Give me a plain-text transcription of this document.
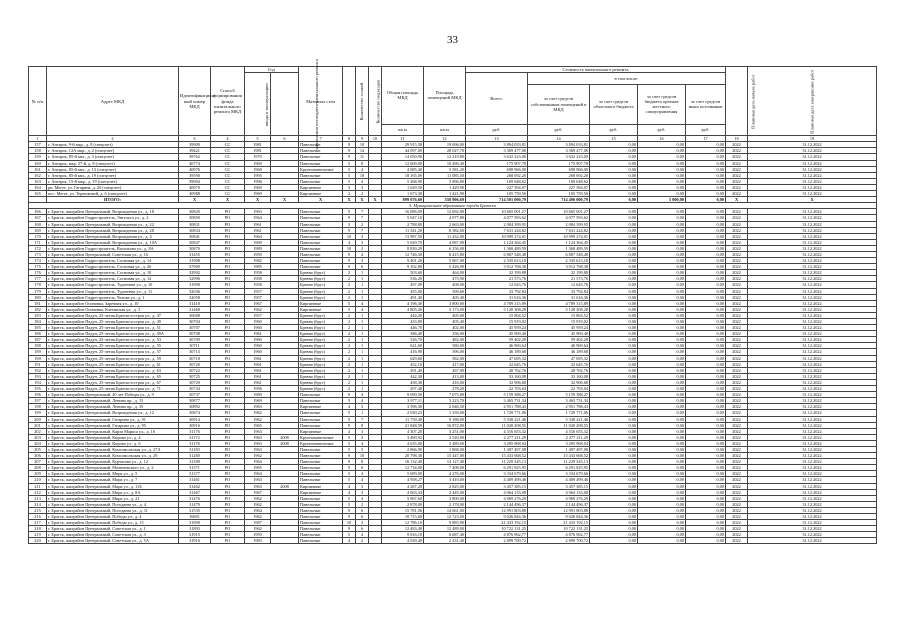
33
№ п/п	Адрес МКД	Идентификацион-ный номер МКД	Способ формирования фонда капитального ремонта МКД	Год		Материал стен	Количество этажей	Количество подъездов		Общая площадь МКД	Площадь помещений МКД	Стоимость капитального ремонта					Плановая дата начала работ	Плановая дата завершения работ
				ввода в эксплуатацию	завершения последнего капитального ремонта							Всего:	в том числе:					
													за счет средств собственников помещений в МКД	за счет средств областного бюджета	за счет средств бюджета органов местного самоуправления	за счет средств иных источников		
										кв.м	кв.м	руб.	руб.	руб.	руб.	руб.		
1	2	3	4	5	6	7	8	9	10	11	12	13	14	15	16	17	18	19
157	г. Ангарск, 9-й мкр., д. 8 (спецсчет)	39909	СС	1981		Панельные	9	10		29 915,30	19 696,00	3 894 033,81	3 894 033,81	0,00	0,00	0,00	2022	31.12.2022
158	г. Ангарск, 12А мкр., д. 2 (спецсчет)	39421	СС	1981		Панельные	9	14		44 097,00	28 027,70	3 369 477,06	3 369 477,06	0,00	0,00	0,00	2022	31.12.2022
159	г. Ангарск, 85-й квл., д. 3 (спецсчет)	39762	СС	1970		Панельные	9	11		14 050,90	12 219,80	3 632 223,00	3 632 223,00	0,00	0,00	0,00	2022	31.12.2022
160	г. Ангарск, мкр. 27-й, д. 8 (спецсчет)	40774	СС	1969		Панельные	5	8		12 609,00	10 490,40	175 907,78	175 907,78	0,00	0,00	0,00	2022	31.12.2022
161	г. Ангарск, 85-й квл., д. 13 (спецсчет)	40976	СС	1968		Крупнопанельные	5	4		4 085,40	3 581,20	698 966,00	698 966,00	0,00	0,00	0,00	2022	31.12.2022
162	г. Ангарск, 85-й квл., д. 19 (спецсчет)	39590	СС	1995		Панельные	5	18		18 165,09	11 085,50	268 692,20	268 692,20	0,00	0,00	0,00	2022	31.12.2022
163	г. Ангарск, 15-й мкр., д. 19 (спецсчет)	39904	СС	1996		Панельные	5	4		5 268,90	3 896,80	169 648,62	169 648,62	0,00	0,00	0,00	2022	31.12.2022
164	рп. Мегет, ул. Гагарина, д. 20 (спецсчет)	40970	СС	1969		Кирпичные	3	3		1 629,50	1 429,90	227 394,07	227 394,07	0,00	0,00	0,00	2022	31.12.2022
165	пос. Мегет, ул. Терешковой, д. 6 (спецсчет)	40988	СС	1969		Кирпичные	2	2		1 673,30	1 421,90	105 759,56	105 759,56	0,00	0,00	0,00	2022	31.12.2022
	ИТОГО:	X	X	X	X	X	X	X	X	899 076,60	558 906,69	714 501 000,79	714 496 000,79	0,00	5 000,00	0,00	X	X
5. Муниципальное образование города Братска																		
166	г. Братск, жилрайон Центральный, Возрождения ул., д. 18	30820	РО	1963		Панельные	9	7		16 086,09	12 692,00	10 665 001,27	10 665 001,27	0,00	0,00	0,00	2022	31.12.2022
167	г. Братск, жилрайон Гидростроитель, Энгельса ул., д. 2	30850	РО	1964		Панельные	9	7		5 047,10	4 077,80	4 077 593,62	4 077 593,62	0,00	0,00	0,00	2022	31.12.2022
168	г. Братск, жилрайон Центральный, Возрождения ул., д. 22	30831	РО	1961		Панельные	3	2		2 788,80	2 663,00	2 084 399,95	2 084 399,95	0,00	0,00	0,00	2022	31.12.2022
169	г. Братск, жилрайон Центральный, Возрождения ул., д. 28	30834	РО	1961		Панельные	9	7		11 541,20	8 382,00	7 631 224,82	7 631 224,82	0,00	0,00	0,00	2022	31.12.2022
170	г. Братск, жилрайон Центральный, Возрождения ул., д. 4	30841	РО	1964		Панельные	10	3		13 987,50	11 432,00	10 999 274,01	10 999 274,01	0,00	0,00	0,00	2022	31.12.2022
171	г. Братск, жилрайон Центральный, Возрождения ул., д. 10А	30847	РО	1969		Панельные	4	3		5 029,70	4 087,00	1 124 364,45	1 124 364,45	0,00	0,00	0,00	2022	31.12.2022
172	г. Братск, жилрайон Гидростроитель, Васильева ул., д. 8А	30870	РО	1989		Панельные	10	2		8 839,29	6 256,00	1 368 489,59	1 368 489,59	0,00	0,00	0,00	2022	31.12.2022
173	г. Братск, жилрайон Центральный, Советская ул., д. 16	31455	РО	1959		Панельные	9	4		12 746,30	8 415,80	6 887 548,48	6 887 548,48	0,00	0,00	0,00	2022	31.12.2022
174	г. Братск, жилрайон Гидростроитель, Сосновая ул., д. 14	31908	РО	1982		Панельные	9	3		9 401,20	5 867,00	2 335 613,18	2 335 613,18	0,00	0,00	0,00	2022	31.12.2022
175	г. Братск, жилрайон Гидростроитель, Сосновая ул., д. 26	37900	РО	1985		Панельные	9	6		9 102,80	5 426,90	3 012 768,38	3 012 768,38	0,00	0,00	0,00	2022	31.12.2022
176	г. Братск, жилрайон Гидростроитель, Сосновая ул., д. 10	32992	РО	1958		Бревна (брус)	2	1		503,60	464,00	32 199,88	32 199,88	0,00	0,00	0,00	2022	31.12.2022
177	г. Братск, жилрайон Гидростроитель, Сосновая ул., д. 12	32996	РО	1958		Бревна (брус)	2	1		536,20	475,90	21 573,76	21 573,76	0,00	0,00	0,00	2022	31.12.2022
178	г. Братск, жилрайон Гидростроитель, Тургенева ул., д. 10	31990	РО	1958		Бревна (брус)	2	1		497,00	408,00	12 643,76	12 643,76	0,00	0,00	0,00	2022	31.12.2022
179	г. Братск, жилрайон Гидростроитель, Тургенева ул., д. 11	32036	РО	1957		Бревна (брус)	2	1		455,00	399,60	33 792,84	33 792,84	0,00	0,00	0,00	2022	31.12.2022
180	г. Братск, жилрайон Гидростроитель, Чехова ул., д. 1	32058	РО	1957		Бревна (брус)	2	1		491,40	405,40	31 616,36	31 616,36	0,00	0,00	0,00	2022	31.12.2022
181	г. Братск, жилрайон Осиновка, Заречная ул., д. 10	31418	РО	1967		Кирпичные	5	4		4 196,30	3 800,00	4 789 315,89	4 789 315,89	0,00	0,00	0,00	2022	31.12.2022
182	г. Братск, жилрайон Осиновка, Клеммская ул., д. 3	31468	РО	1962		Кирпичные	5	4		4 805,26	3 173,00	5 128 308,28	5 128 308,28	0,00	0,00	0,00	2022	31.12.2022
183	г. Братск, жилрайон Падун, 25-летия Братскгэсстроя ул., д. 47	30688	РО	1957		Бревна (брус)	2	1		444,20	405,00	15 804,52	15 804,52	0,00	0,00	0,00	2022	31.12.2022
184	г. Братск, жилрайон Падун, 25-летия Братскгэсстроя ул., д. 49	30704	РО	1960		Бревна (брус)	2	1		433,80	405,40	15 919,02	15 919,02	0,00	0,00	0,00	2022	31.12.2022
185	г. Братск, жилрайон Падун, 25-летия Братскгэсстроя ул., д. 51	30707	РО	1960		Бревна (брус)	2	1		446,70	402,00	45 959,24	45 959,24	0,00	0,00	0,00	2022	31.12.2022
186	г. Братск, жилрайон Падун, 25-летия Братскгэсстроя ул., д. 49А	30708	РО	1961		Бревна (брус)	2	1		386,40	356,00	45 969,40	45 969,40	0,00	0,00	0,00	2022	31.12.2022
187	г. Братск, жилрайон Падун, 25-летия Братскгэсстроя ул., д. 53	30709	РО	1960		Бревна (брус)	2	1		526,70	482,00	59 402,28	59 402,28	0,00	0,00	0,00	2022	31.12.2022
188	г. Братск, жилрайон Падун, 25-летия Братскгэсстроя ул., д. 55	30711	РО	1960		Бревна (брус)	2	1		621,60	580,00	46 969,64	46 969,64	0,00	0,00	0,00	2022	31.12.2022
189	г. Братск, жилрайон Падун, 25-летия Братскгэсстроя ул., д. 57	30713	РО	1960		Бревна (брус)	2	1		416,90	396,00	46 189,68	46 189,68	0,00	0,00	0,00	2022	31.12.2022
190	г. Братск, жилрайон Падун, 25-летия Братскгэсстроя ул., д. 59	30718	РО	1961		Бревна (брус)	2	1		629,60	582,00	47 695,32	47 695,32	0,00	0,00	0,00	2022	31.12.2022
191	г. Братск, жилрайон Падун, 25-летия Братскгэсстроя ул., д. 61	30720	РО	1961		Бревна (брус)	2	1		452,10	417,00	32 645,76	32 645,76	0,00	0,00	0,00	2022	31.12.2022
192	г. Братск, жилрайон Падун, 25-летия Братскгэсстроя ул., д. 63	30722	РО	1961		Бревна (брус)	2	1		291,40	267,00	20 762,76	20 762,76	0,00	0,00	0,00	2022	31.12.2022
193	г. Братск, жилрайон Падун, 25-летия Братскгэсстроя ул., д. 65	30725	РО	1961		Бревна (брус)	2	1		442,30	413,00	33 160,08	33 160,08	0,00	0,00	0,00	2022	31.12.2022
194	г. Братск, жилрайон Падун, 25-летия Братскгэсстроя ул., д. 67	30729	РО	1961		Бревна (брус)	2	1		458,30	416,00	32 906,68	32 906,68	0,00	0,00	0,00	2022	31.12.2022
195	г. Братск, жилрайон Падун, 25-летия Братскгэсстроя ул., д. 71	30734	РО	1956		Бревна (брус)	2	1		297,40	278,20	22 703,04	22 703,04	0,00	0,00	0,00	2022	31.12.2022
196	г. Братск, жилрайон Центральный, 40 лет Победы ул., д. 9	30737	РО	1969		Панельные	9	4		9 090,50	7 075,80	5 159 388,27	5 159 388,27	0,00	0,00	0,00	2022	31.12.2022
197	г. Братск, жилрайон Центральный, Ленина пр., д. 15	30877	РО	1969		Панельные	5	4		3 977,11	3 223,70	3 465 731,34	3 465 731,34	0,00	0,00	0,00	2022	31.12.2022
198	г. Братск, жилрайон Центральный, Ленина пр., д. 35	30892	РО	1963		Кирпичные	4	3		3 596,30	2 846,50	2 951 788,43	2 951 788,43	0,00	0,00	0,00	2022	31.12.2022
199	г. Братск, жилрайон Центральный, Возрождения ул., д. 12	30874	РО	1962		Панельные	5	1		2 030,23	1 339,00	1 729 771,06	1 729 771,06	0,00	0,00	0,00	2022	31.12.2022
200	г. Братск, жилрайон Центральный, Гагарина ул., д. 91	30914	РО	1962		Панельные	9	7		11 759,40	9 188,00	5 338 221,46	5 338 221,46	0,00	0,00	0,00	2022	31.12.2022
201	г. Братск, жилрайон Центральный, Гагарина ул., д. 95	30916	РО	1965		Панельные	9	8		21 848,59	16 872,00	11 020 208,55	11 020 208,55	0,00	0,00	0,00	2022	31.12.2022
202	г. Братск, жилрайон Центральный, Карла Маркса ул., д. 10	31176	РО	1963		Кирпичные	4	3		4 307,20	3 251,00	4 316 653,32	4 316 653,32	0,00	0,00	0,00	2022	31.12.2022
203	г. Братск, жилрайон Центральный, Кирова ул., д. 4	31172	РО	1963	2008	Крупнопанельные	5	3		3 490,92	2 520,00	2 277 211,29	2 277 211,29	0,00	0,00	0,00	2022	31.12.2022
204	г. Братск, жилрайон Центральный, Кирова ул., д. 6	31176	РО	1963	2008	Крупнопанельные	5	4		4 635,00	3 489,00	3 285 968,04	3 285 968,04	0,00	0,00	0,00	2022	31.12.2022
205	г. Братск, жилрайон Центральный, Комсомольская ул., д. 27А	31183	РО	1963		Панельные	5	3		2 866,90	1 868,00	1 497 497,08	1 497 497,08	0,00	0,00	0,00	2022	31.12.2022
206	г. Братск, жилрайон Центральный, Комсомольская ул., д. 29	31260	РО	1962		Панельные	9	10		20 798,30	15 447,00	15 433 668,52	15 433 668,52	0,00	0,00	0,00	2022	31.12.2022
207	г. Братск, жилрайон Центральный, Курчатова ул., д. 12	31188	РО	1964		Панельные	9	8		16 132,40	14 127,40	11 229 345,13	11 229 345,13	0,00	0,00	0,00	2022	31.12.2022
208	г. Братск, жилрайон Центральный, Малиновского ул., д. 2	31371	РО	1965		Панельные	9	6		12 734,00	7 408,00	6 291 825,95	6 291 825,95	0,00	0,00	0,00	2022	31.12.2022
209	г. Братск, жилрайон Центральный, Мира ул., д. 5	31377	РО	1964		Панельные	5	4		5 699,00	4 276,00	3 334 679,66	3 334 679,66	0,00	0,00	0,00	2022	31.12.2022
210	г. Братск, жилрайон Центральный, Мира ул., д. 7	31461	РО	1963		Панельные	5	4		4 958,27	3 410,00	4 409 499,46	4 409 499,46	0,00	0,00	0,00	2022	31.12.2022
211	г. Братск, жилрайон Центральный, Мира ул., д. 11Б	31462	РО	1963	2008	Кирпичные	4	3		4 287,20	2 825,00	3 457 385,15	3 457 385,15	0,00	0,00	0,00	2022	31.12.2022
212	г. Братск, жилрайон Центральный, Мира ул., д. 8А	31467	РО	1967		Кирпичные	4	3		4 063,34	2 445,00	4 964 133,08	4 964 133,08	0,00	0,00	0,00	2022	31.12.2022
213	г. Братск, жилрайон Центральный, Мира ул., д. 21	31476	РО	1962		Панельные	5	4		5 967,60	3 800,00	4 969 276,29	4 969 276,29	0,00	0,00	0,00	2022	31.12.2022
214	г. Братск, жилрайон Центральный, Погодаева ул., д. 4	31479	РО	1962		Панельные	5	2		2 878,00	2 178,00	2 144 496,37	2 144 496,37	0,00	0,00	0,00	2022	31.12.2022
215	г. Братск, жилрайон Центральный, Погодаева ул., д. 11	31535	РО	1964		Панельные	9	6		15 781,06	14 661,00	12 991 803,88	12 991 803,88	0,00	0,00	0,00	2022	31.12.2022
216	г. Братск, жилрайон Центральный, Победы ул., д. 4	16801	РО	1962		Панельные	9	6		18 715,60	12 723,00	9 026 844,36	9 026 844,36	0,00	0,00	0,00	2022	31.12.2022
217	г. Братск, жилрайон Центральный, Победы ул., д. 15	31890	РО	1987		Панельные	10	3		12 786,10	9 885,90	21 433 192,15	21 433 192,15	0,00	0,00	0,00	2022	31.12.2022
218	г. Братск, жилрайон Центральный, Советская ул., д. 1	31893	РО	1962		Панельные	9	6		12 483,40	12 489,00	10 722 131,25	10 722 131,25	0,00	0,00	0,00	2022	31.12.2022
219	г. Братск, жилрайон Центральный, Советская ул., д. 3	31915	РО	1959		Панельные	5	4		9 816,10	6 687,40	4 876 962,77	4 876 962,77	0,00	0,00	0,00	2022	31.12.2022
220	г. Братск, жилрайон Центральный, Советская ул., д. 5А	31916	РО	1983		Панельные	4	2		4 039,40	2 231,40	2 899 700,72	2 899 700,72	0,00	0,00	0,00	2022	31.12.2022
